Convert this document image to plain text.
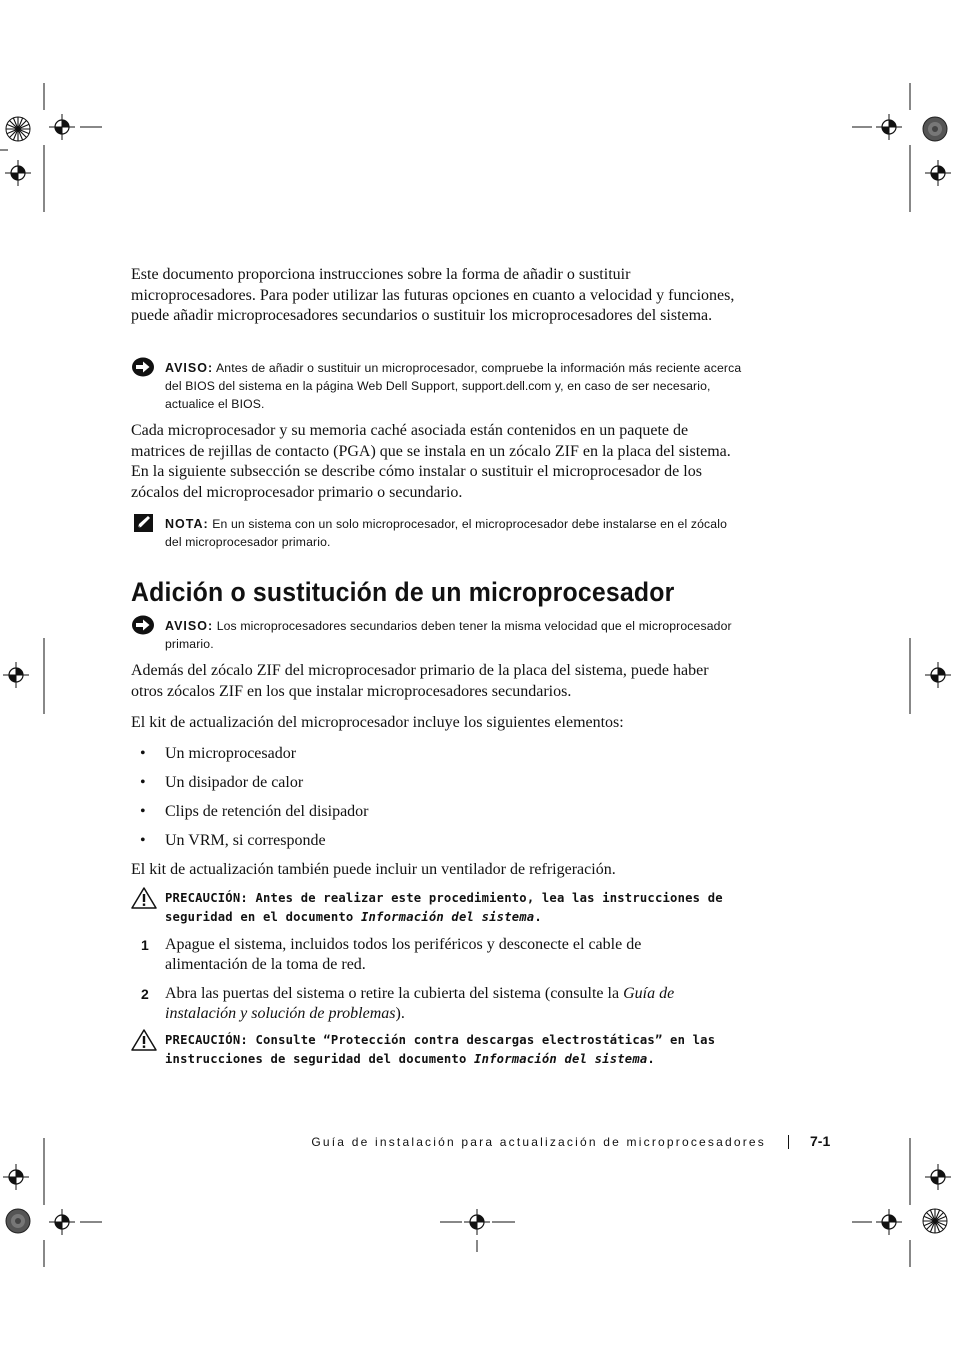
Este documento proporciona instrucciones sobre la forma de añadir o sustituir microprocesadores. Para poder utilizar las futuras opciones en cuanto a velocidad y funciones, puede añadir microprocesadores secundarios o sustituir los microprocesadores del sistema.

AVISO: Antes de añadir o sustituir un microprocesador, compruebe la información más reciente acerca del BIOS del sistema en la página Web Dell Support, support.dell.com y, en caso de ser necesario, actualice el BIOS.

Cada microprocesador y su memoria caché asociada están contenidos en un paquete de matrices de rejillas de contacto (PGA) que se instala en un zócalo ZIF en la placa del sistema. En la siguiente subsección se describe cómo instalar o sustituir el microprocesador de los zócalos del microprocesador primario o secundario.

NOTA: En un sistema con un solo microprocesador, el microprocesador debe instalarse en el zócalo del microprocesador primario.
Adición o sustitución de un microprocesador
AVISO: Los microprocesadores secundarios deben tener la misma velocidad que el microprocesador primario.

Además del zócalo ZIF del microprocesador primario de la placa del sistema, puede haber otros zócalos ZIF en los que instalar microprocesadores secundarios.

El kit de actualización del microprocesador incluye los siguientes elementos:

• Un microprocesador
• Un disipador de calor
• Clips de retención del disipador
• Un VRM, si corresponde

El kit de actualización también puede incluir un ventilador de refrigeración.

PRECAUCIÓN: Antes de realizar este procedimiento, lea las instrucciones de seguridad en el documento Información del sistema.
1 Apague el sistema, incluidos todos los periféricos y desconecte el cable de alimentación de la toma de red.
2 Abra las puertas del sistema o retire la cubierta del sistema (consulte la Guía de instalación y solución de problemas).
PRECAUCIÓN: Consulte “Protección contra descargas electrostáticas” en las instrucciones de seguridad del documento Información del sistema.
Guía de instalación para actualización de microprocesadores	7-1
